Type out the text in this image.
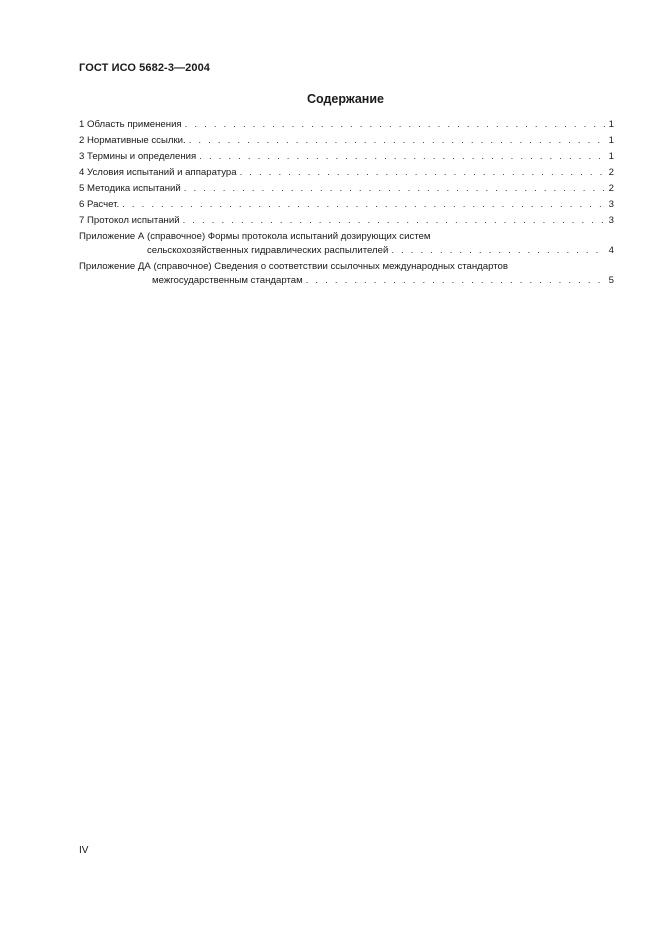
ГОСТ ИСО 5682-3—2004
Содержание
1 Область применения . . .	1
2 Нормативные ссылки. . . .	1
3 Термины и определения . . .	1
4 Условия испытаний и аппаратура . . .	2
5 Методика испытаний . . .	2
6 Расчет. . . .	3
7 Протокол испытаний . . .	3
Приложение А (справочное) Формы протокола испытаний дозирующих систем
сельскохозяйственных гидравлических распылителей . . .	4
Приложение ДА (справочное) Сведения о соответствии ссылочных международных стандартов
межгосударственным стандартам . . .	5
IV
